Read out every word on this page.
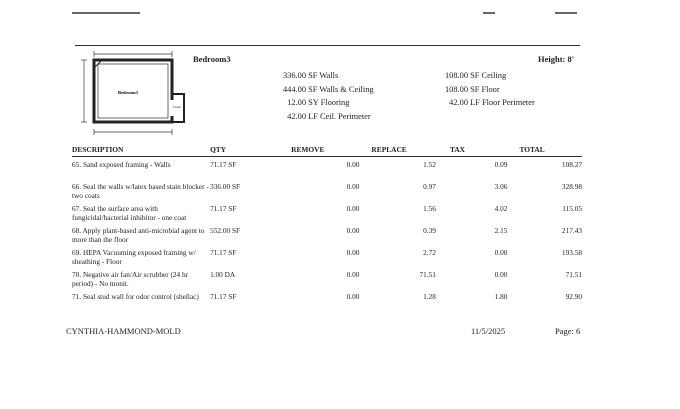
Bedroom3
Closet
Bedroom3	Height: 8'
336.00 SF Walls
444.00 SF Walls & Ceiling
12.00 SY Flooring
42.00 LF Ceil. Perimeter
108.00 SF Ceiling
108.00 SF Floor
42.00 LF Floor Perimeter
DESCRIPTION	QTY	REMOVE	REPLACE	TAX	TOTAL
65. Sand exposed framing - Walls	71.17 SF	0.00	1.52	0.09	108.27
66. Seal the walls w/latex based stain blocker - two coats	336.00 SF	0.00	0.97	3.06	328.98
67. Seal the surface area with fungicidal/bacterial inhibitor - one coat	71.17 SF	0.00	1.56	4.02	115.05
68. Apply plant-based anti-microbial agent to more than the floor	552.00 SF	0.00	0.39	2.15	217.43
69. HEPA Vacuuming exposed framing w/ sheathing - Floor	71.17 SF	0.00	2.72	0.00	193.58
70. Negative air fan/Air scrubber (24 hr period) - No monit.	1.00 DA	0.00	71.51	0.00	71.51
71. Seal stud wall for odor control (shellac)	71.17 SF	0.00	1.28	1.80	92.90
CYNTHIA-HAMMOND-MOLD	11/5/2025	Page: 6
